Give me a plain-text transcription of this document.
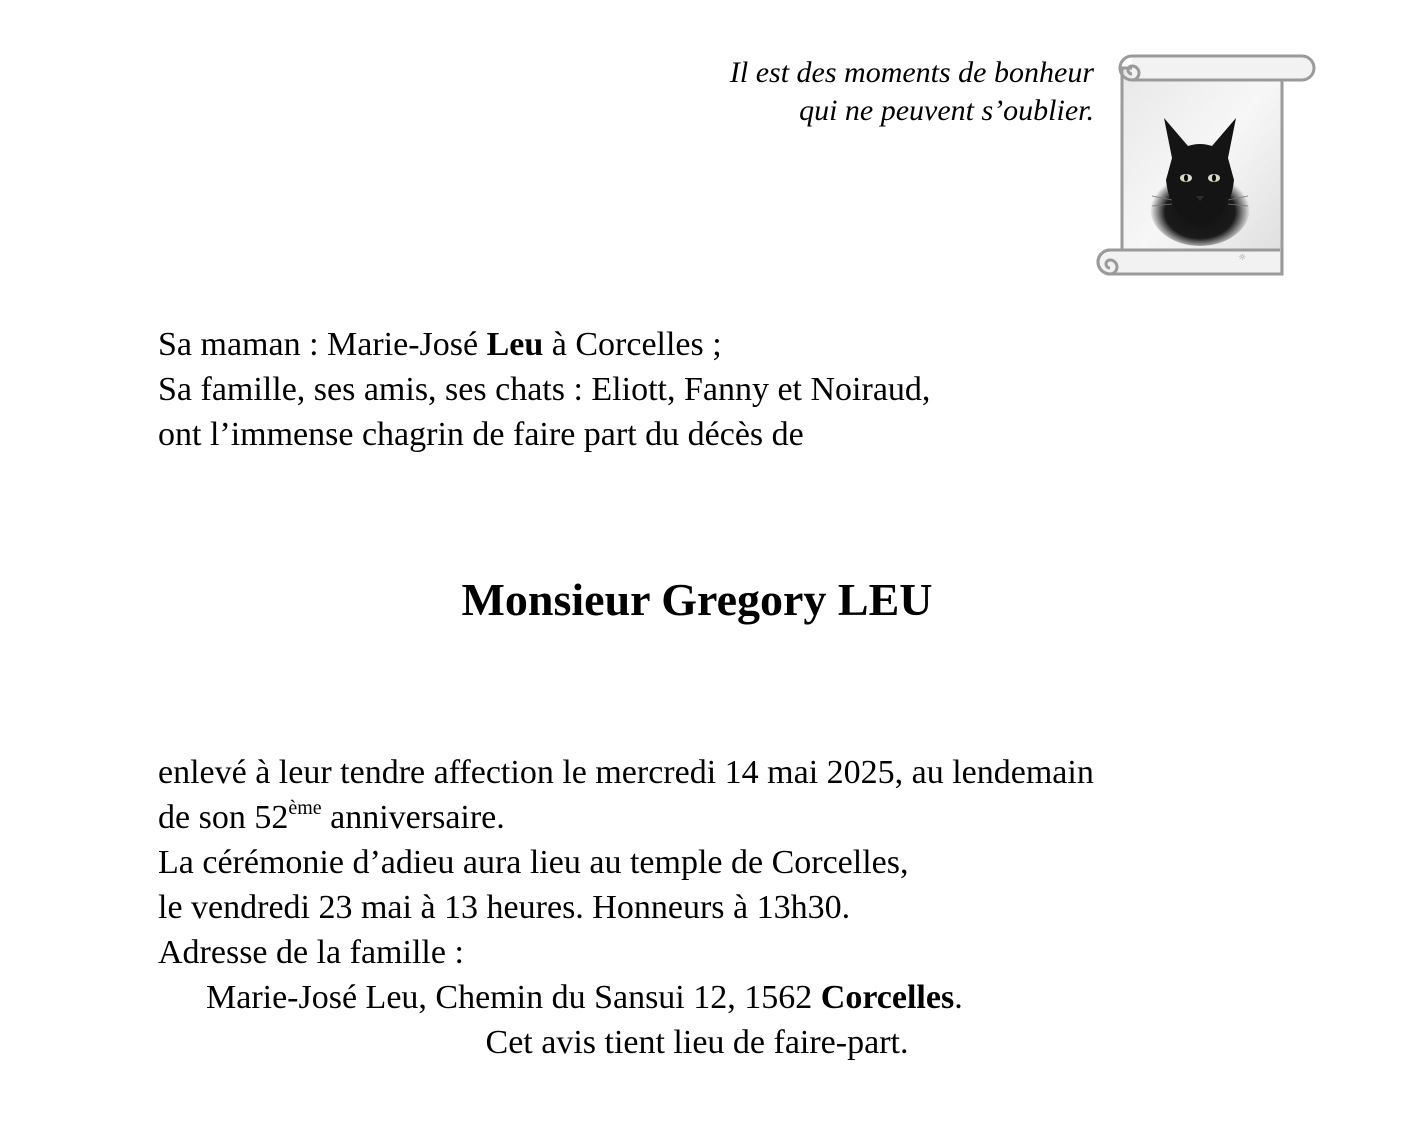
Il est des moments de bonheur
qui ne peuvent s’oublier.
☼
Sa maman : Marie-José Leu à Corcelles ;
Sa famille, ses amis, ses chats : Eliott, Fanny et Noiraud,
ont l’immense chagrin de faire part du décès de
Monsieur Gregory LEU
enlevé à leur tendre affection le mercredi 14 mai 2025, au lendemain
de son 52ème anniversaire.
La cérémonie d’adieu aura lieu au temple de Corcelles,
le vendredi 23 mai à 13 heures. Honneurs à 13h30.
Adresse de la famille :
Marie-José Leu, Chemin du Sansui 12, 1562 Corcelles.
Cet avis tient lieu de faire-part.
